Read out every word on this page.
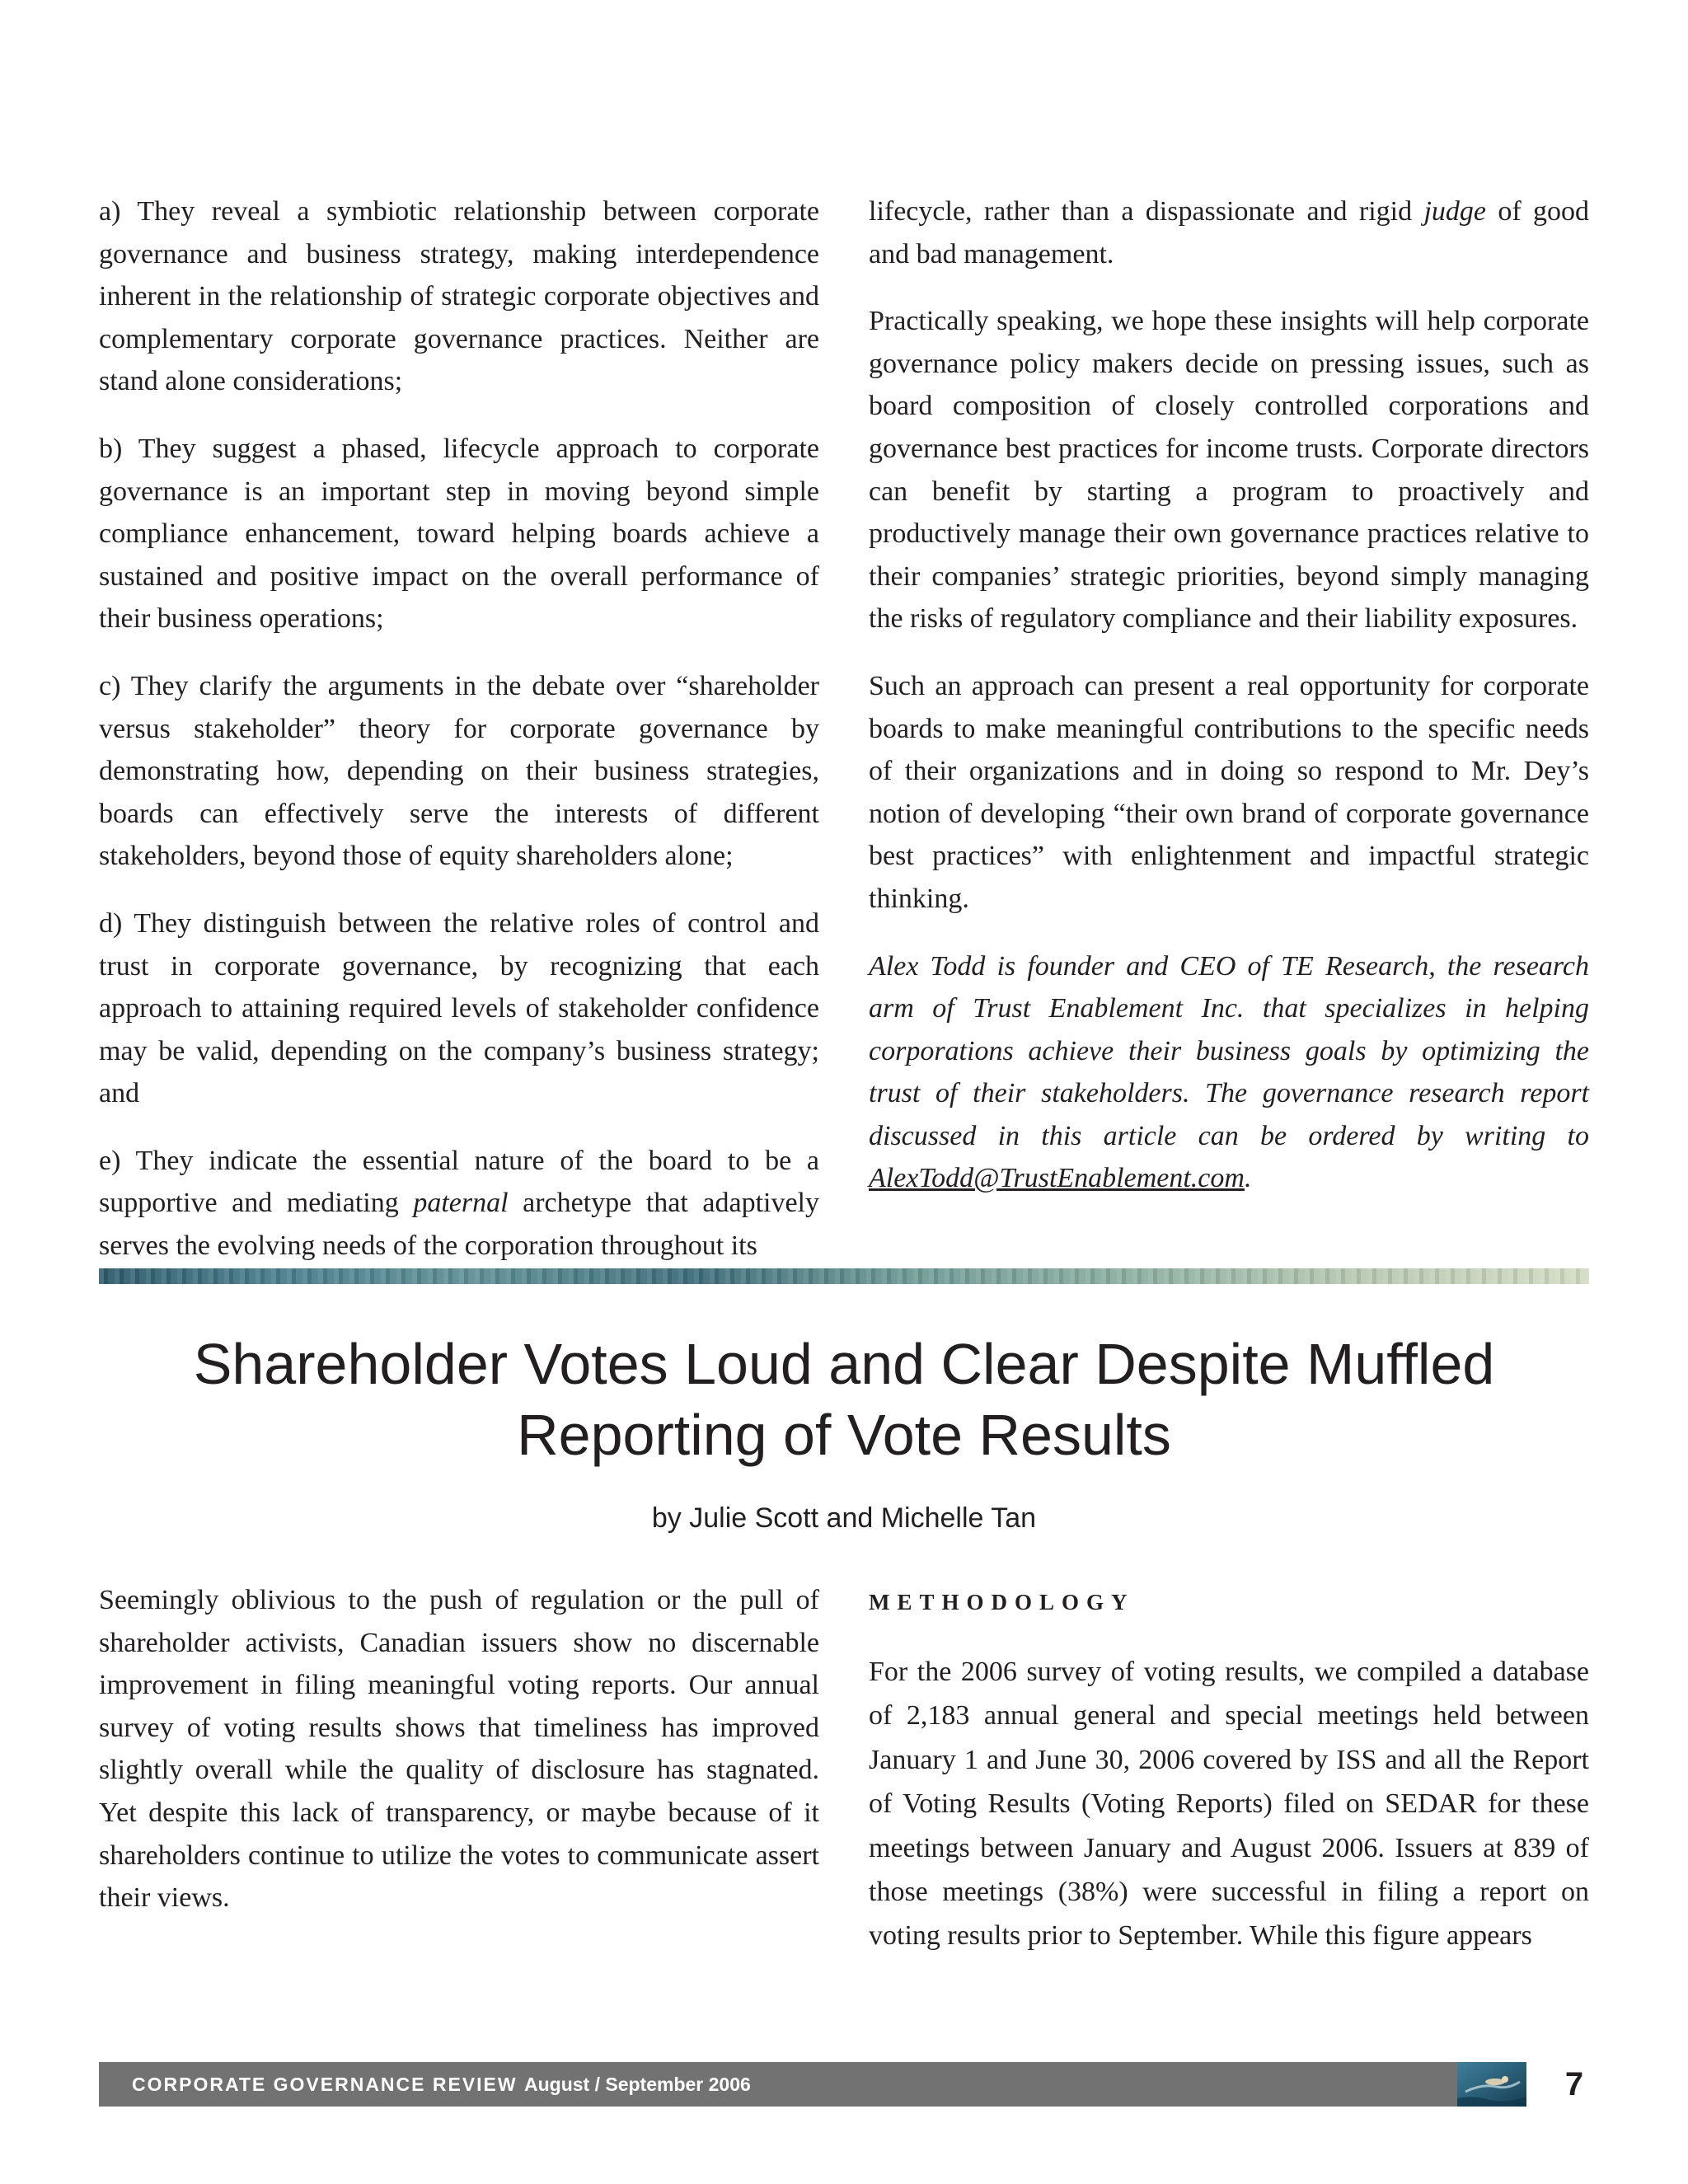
a) They reveal a symbiotic relationship between corporate governance and business strategy, making interdependence inherent in the relationship of strategic corporate objectives and complementary corporate governance practices. Neither are stand alone considerations;

b) They suggest a phased, lifecycle approach to corporate governance is an important step in moving beyond simple compliance enhancement, toward helping boards achieve a sustained and positive impact on the overall performance of their business operations;

c) They clarify the arguments in the debate over “shareholder versus stakeholder” theory for corporate governance by demonstrating how, depending on their business strategies, boards can effectively serve the interests of different stakeholders, beyond those of equity shareholders alone;

d) They distinguish between the relative roles of control and trust in corporate governance, by recognizing that each approach to attaining required levels of stakeholder confidence may be valid, depending on the company’s business strategy; and

e) They indicate the essential nature of the board to be a supportive and mediating paternal archetype that adaptively serves the evolving needs of the corporation throughout its

lifecycle, rather than a dispassionate and rigid judge of good and bad management.

Practically speaking, we hope these insights will help corporate governance policy makers decide on pressing issues, such as board composition of closely controlled corporations and governance best practices for income trusts. Corporate directors can benefit by starting a program to proactively and productively manage their own governance practices relative to their companies’ strategic priorities, beyond simply managing the risks of regulatory compliance and their liability exposures.

Such an approach can present a real opportunity for corporate boards to make meaningful contributions to the specific needs of their organizations and in doing so respond to Mr. Dey’s notion of developing “their own brand of corporate governance best practices” with enlightenment and impactful strategic thinking.

Alex Todd is founder and CEO of TE Research, the research arm of Trust Enablement Inc. that specializes in helping corporations achieve their business goals by optimizing the trust of their stakeholders. The governance research report discussed in this article can be ordered by writing to AlexTodd@TrustEnablement.com.

Shareholder Votes Loud and Clear Despite Muffled
Reporting of Vote Results
by Julie Scott and Michelle Tan

Seemingly oblivious to the push of regulation or the pull of shareholder activists, Canadian issuers show no discernable improvement in filing meaningful voting reports. Our annual survey of voting results shows that timeliness has improved slightly overall while the quality of disclosure has stagnated. Yet despite this lack of transparency, or maybe because of it shareholders continue to utilize the votes to communicate assert their views.

METHODOLOGY

For the 2006 survey of voting results, we compiled a database of 2,183 annual general and special meetings held between January 1 and June 30, 2006 covered by ISS and all the Report of Voting Results (Voting Reports) filed on SEDAR for these meetings between January and August 2006. Issuers at 839 of those meetings (38%) were successful in filing a report on voting results prior to September. While this figure appears

CORPORATE GOVERNANCE REVIEW August / September 2006	7
